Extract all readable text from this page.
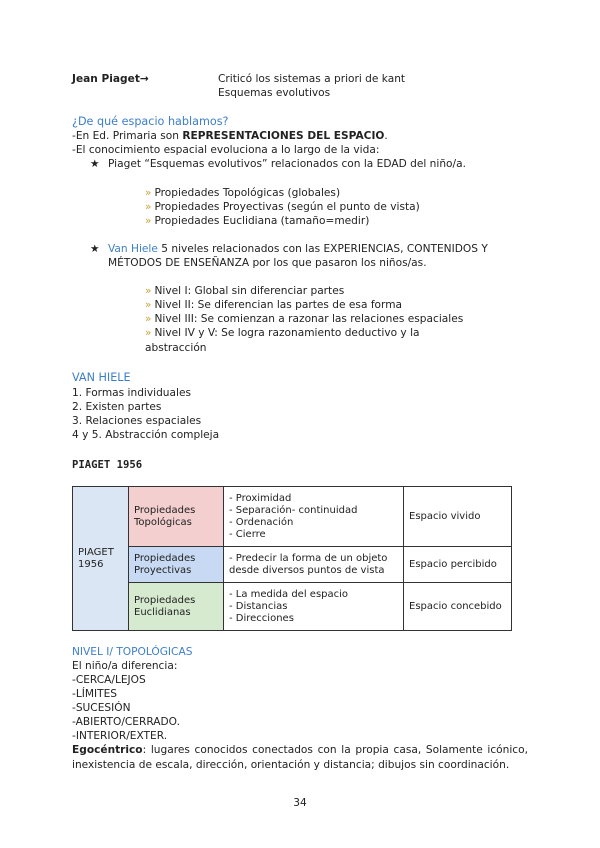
Jean Piaget→	Criticó los sistemas a priori de kant
Esquemas evolutivos
¿De qué espacio hablamos?
-En Ed. Primaria son REPRESENTACIONES DEL ESPACIO.
-El conocimiento espacial evoluciona a lo largo de la vida:
★ Piaget “Esquemas evolutivos” relacionados con la EDAD del niño/a.
» Propiedades Topológicas (globales)
» Propiedades Proyectivas (según el punto de vista)
» Propiedades Euclidiana (tamaño=medir)
★ Van Hiele 5 niveles relacionados con las EXPERIENCIAS, CONTENIDOS Y
MÉTODOS DE ENSEÑANZA por los que pasaron los niños/as.
» Nivel I: Global sin diferenciar partes
» Nivel II: Se diferencian las partes de esa forma
» Nivel III: Se comienzan a razonar las relaciones espaciales
» Nivel IV y V: Se logra razonamiento deductivo y la
abstracción
VAN HIELE
1. Formas individuales
2. Existen partes
3. Relaciones espaciales
4 y 5. Abstracción compleja
PIAGET 1956
PIAGET 1956	Propiedades Topológicas	- Proximidad
- Separación- continuidad
- Ordenación
- Cierre	Espacio vivido
	Propiedades Proyectivas	- Predecir la forma de un objeto
desde diversos puntos de vista	Espacio percibido
	Propiedades Euclidianas	- La medida del espacio
- Distancias
- Direcciones	Espacio concebido
NIVEL I/ TOPOLÓGICAS
El niño/a diferencia:
-CERCA/LEJOS
-LÍMITES
-SUCESIÓN
-ABIERTO/CERRADO.
-INTERIOR/EXTER.
Egocéntrico: lugares conocidos conectados con la propia casa, Solamente icónico, inexistencia de escala, dirección, orientación y distancia; dibujos sin coordinación.
34
